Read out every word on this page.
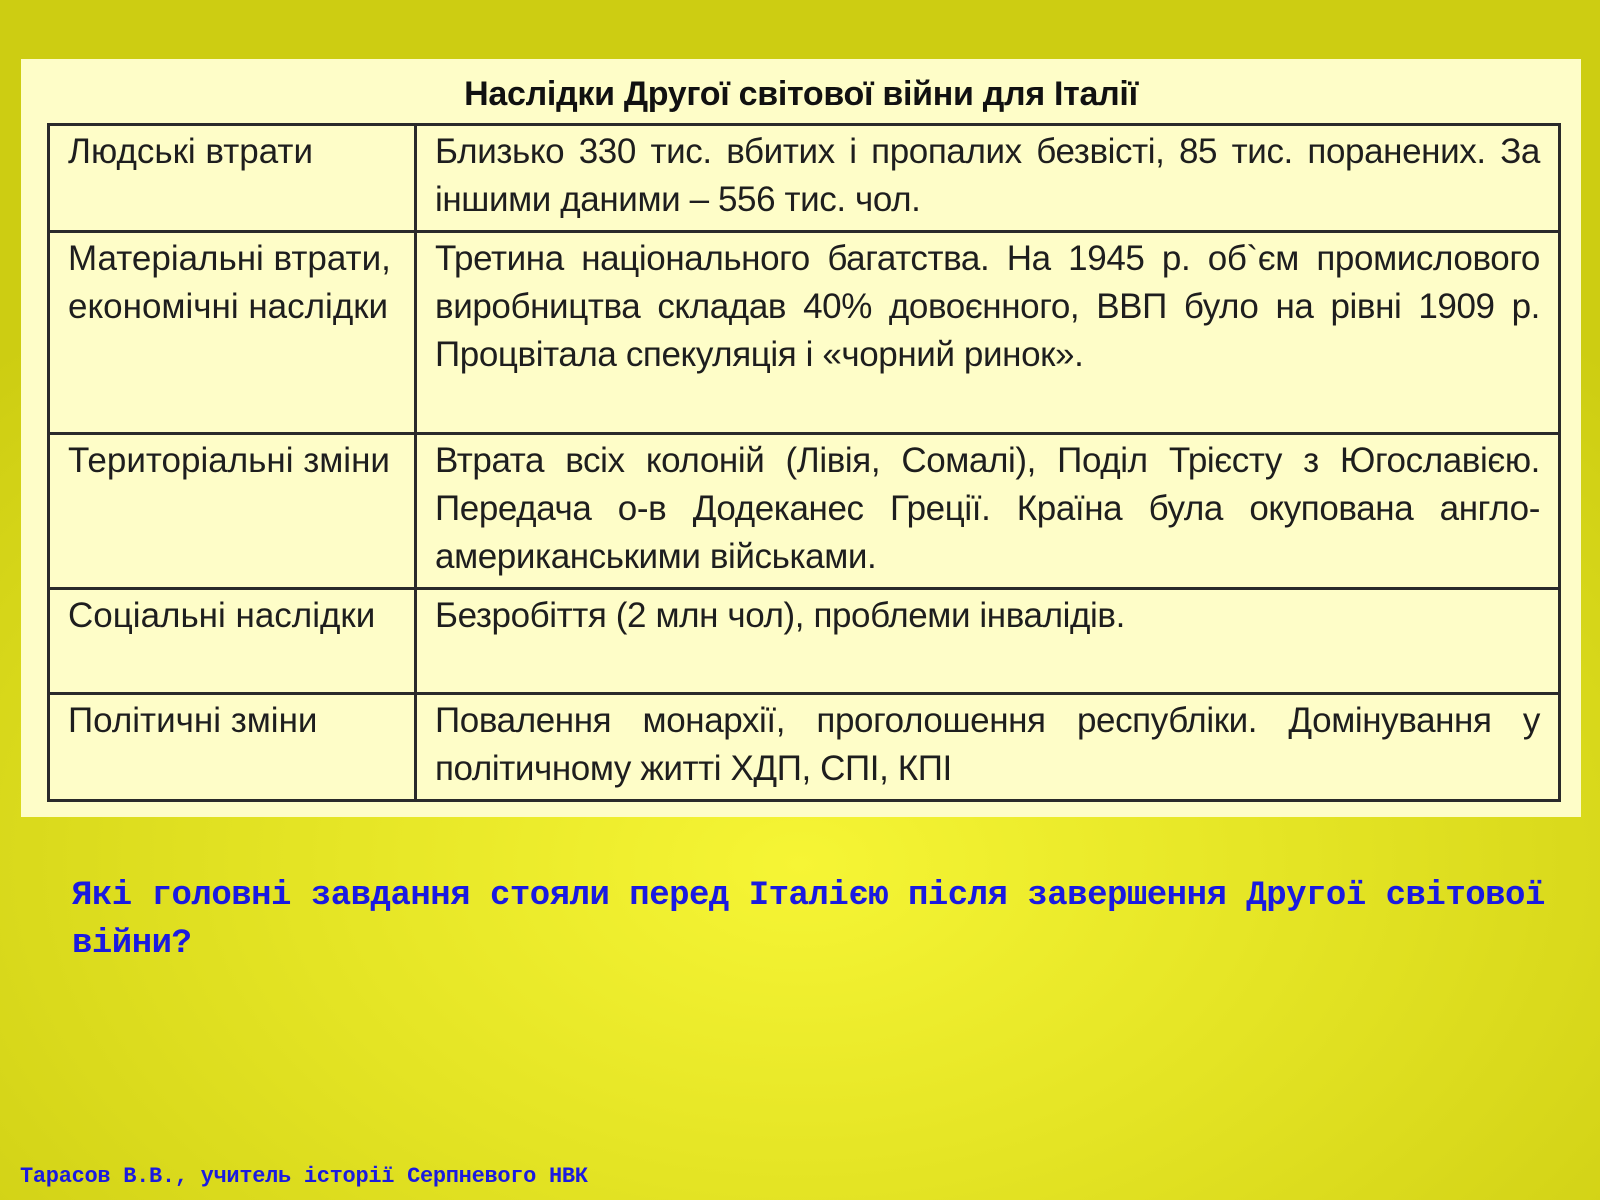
Наслідки Другої світової війни для Італії
Людські втрати	Близько 330 тис. вбитих і пропалих безвісті, 85 тис. поранених. За іншими даними – 556 тис. чол.
Матеріальні втрати, економічні наслідки	Третина національного багатства. На 1945 р. об`єм промислового виробництва складав 40% довоєнного, ВВП було на рівні 1909 р. Процвітала спекуляція і «чорний ринок».
Територіальні зміни	Втрата всіх колоній (Лівія, Сомалі), Поділ Трієсту з Югославією. Передача о-в Додеканес Греції. Країна була окупована англо-американськими військами.
Соціальні наслідки	Безробіття (2 млн чол), проблеми інвалідів.
Політичні зміни	Повалення монархії, проголошення республіки. Домінування у політичному житті ХДП, СПІ, КПІ
Які головні завдання стояли перед Італією після завершення Другої світової війни?
Тарасов В.В., учитель історії Серпневого НВК
